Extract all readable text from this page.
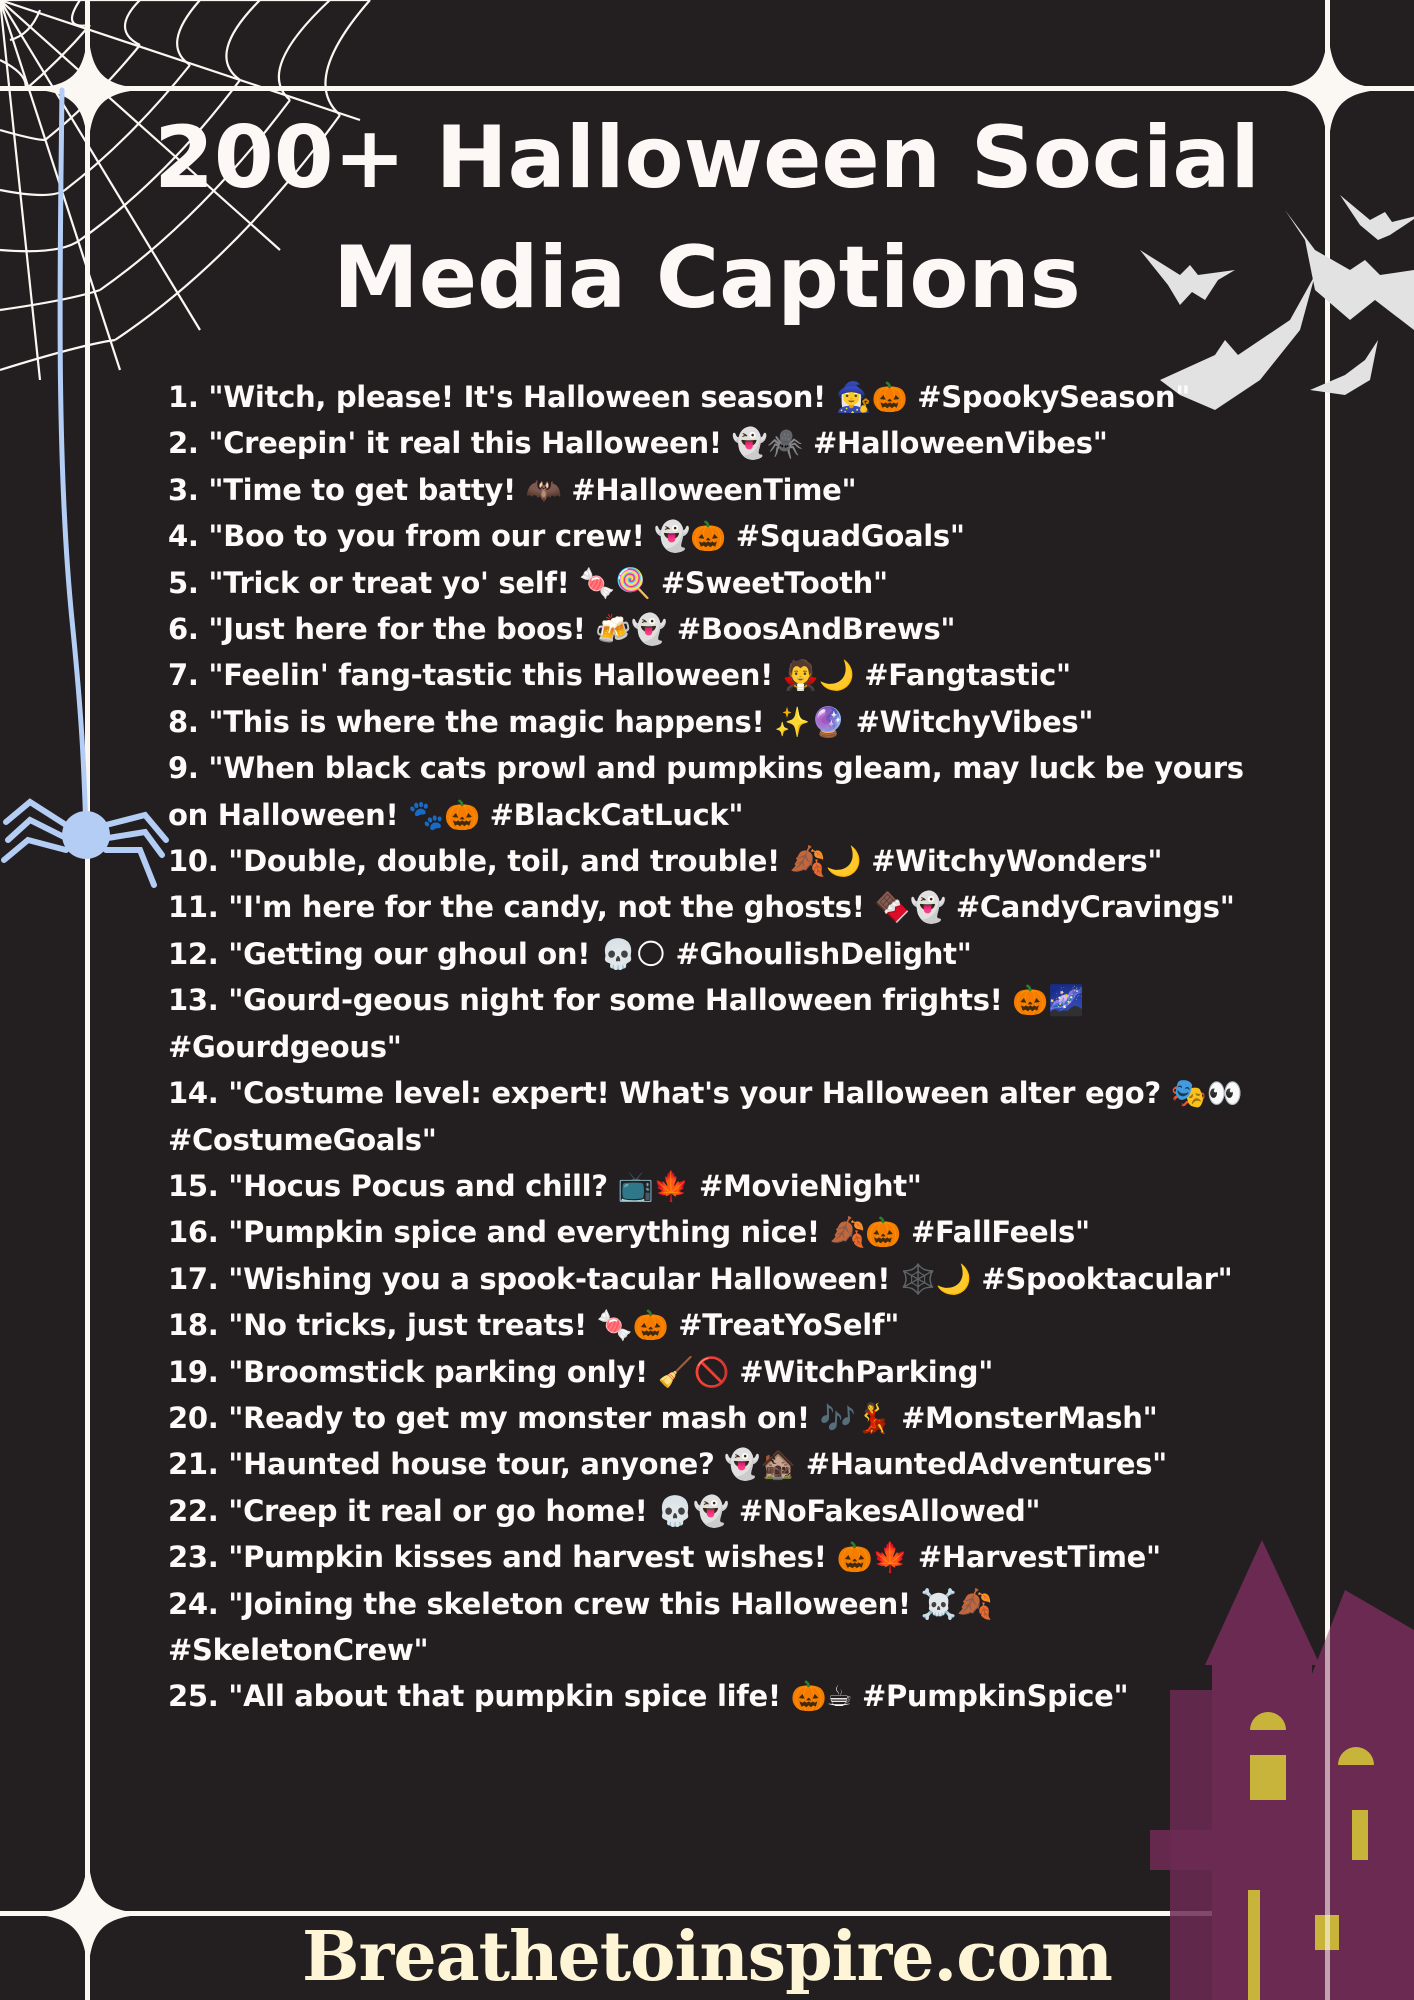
200+ Halloween Social
Media Captions
1. "Witch, please! It's Halloween season! 🧙‍♀️🎃 #SpookySeason"
2. "Creepin' it real this Halloween! 👻🕷️ #HalloweenVibes"
3. "Time to get batty! 🦇 #HalloweenTime"
4. "Boo to you from our crew! 👻🎃 #SquadGoals"
5. "Trick or treat yo' self! 🍬🍭 #SweetTooth"
6. "Just here for the boos! 🍻👻 #BoosAndBrews"
7. "Feelin' fang-tastic this Halloween! 🧛🌙 #Fangtastic"
8. "This is where the magic happens! ✨🔮 #WitchyVibes"
9. "When black cats prowl and pumpkins gleam, may luck be yours on Halloween! 🐾🎃 #BlackCatLuck"
10. "Double, double, toil, and trouble! 🍂🌙 #WitchyWonders"
11. "I'm here for the candy, not the ghosts! 🍫👻 #CandyCravings"
12. "Getting our ghoul on! 💀🌕 #GhoulishDelight"
13. "Gourd-geous night for some Halloween frights! 🎃🌌 #Gourdgeous"
14. "Costume level: expert! What's your Halloween alter ego? 🎭👀 #CostumeGoals"
15. "Hocus Pocus and chill? 📺🍁 #MovieNight"
16. "Pumpkin spice and everything nice! 🍂🎃 #FallFeels"
17. "Wishing you a spook-tacular Halloween! 🕸️🌙 #Spooktacular"
18. "No tricks, just treats! 🍬🎃 #TreatYoSelf"
19. "Broomstick parking only! 🧹🚫 #WitchParking"
20. "Ready to get my monster mash on! 🎶💃 #MonsterMash"
21. "Haunted house tour, anyone? 👻🏚️ #HauntedAdventures"
22. "Creep it real or go home! 💀👻 #NoFakesAllowed"
23. "Pumpkin kisses and harvest wishes! 🎃🍁 #HarvestTime"
24. "Joining the skeleton crew this Halloween! ☠️🍂 #SkeletonCrew"
25. "All about that pumpkin spice life! 🎃☕ #PumpkinSpice"
Breathetoinspire.com
